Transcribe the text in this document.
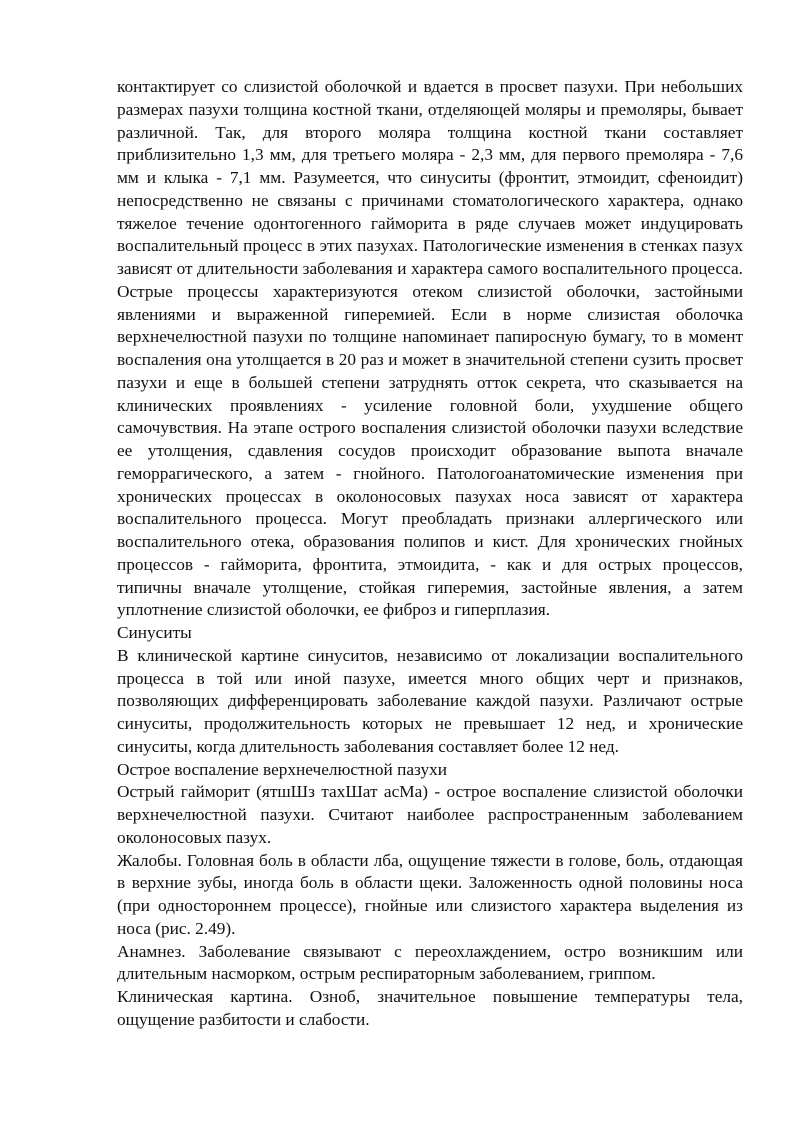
контактирует со слизистой оболочкой и вдается в просвет пазухи. При небольших размерах пазухи толщина костной ткани, отделяющей моляры и премоляры, бывает различной. Так, для второго моляра толщина костной ткани составляет приблизительно 1,3 мм, для третьего моляра - 2,3 мм, для первого премоляра - 7,6 мм и клыка - 7,1 мм. Разумеется, что синуситы (фронтит, этмоидит, сфеноидит) непосредственно не связаны с причинами стоматологического характера, однако тяжелое течение одонтогенного гайморита в ряде случаев может индуцировать воспалительный процесс в этих пазухах. Патологические изменения в стенках пазух зависят от длительности заболевания и характера самого воспалительного процесса. Острые процессы характеризуются отеком слизистой оболочки, застойными явлениями и выраженной гиперемией. Если в норме слизистая оболочка верхнечелюстной пазухи по толщине напоминает папиросную бумагу, то в момент воспаления она утолщается в 20 раз и может в значительной степени сузить просвет пазухи и еще в большей степени затруднять отток секрета, что сказывается на клинических проявлениях - усиление головной боли, ухудшение общего самочувствия. На этапе острого воспаления слизистой оболочки пазухи вследствие ее утолщения, сдавления сосудов происходит образование выпота вначале геморрагического, а затем - гнойного. Патологоанатомические изменения при хронических процессах в околоносовых пазухах носа зависят от характера воспалительного процесса. Могут преобладать признаки аллергического или воспалительного отека, образования полипов и кист. Для хронических гнойных процессов - гайморита, фронтита, этмоидита, - как и для острых процессов, типичны вначале утолщение, стойкая гиперемия, застойные явления, а затем уплотнение слизистой оболочки, ее фиброз и гиперплазия.

Синуситы

В клинической картине синуситов, независимо от локализации воспалительного процесса в той или иной пазухе, имеется много общих черт и признаков, позволяющих дифференцировать заболевание каждой пазухи. Различают острые синуситы, продолжительность которых не превышает 12 нед, и хронические синуситы, когда длительность заболевания составляет более 12 нед.

Острое воспаление верхнечелюстной пазухи

Острый гайморит (ятшШз тахШат асМа) - острое воспаление слизистой оболочки верхнечелюстной пазухи. Считают наиболее распространенным заболеванием околоносовых пазух.

Жалобы. Головная боль в области лба, ощущение тяжести в голове, боль, отдающая в верхние зубы, иногда боль в области щеки. Заложенность одной половины носа (при одностороннем процессе), гнойные или слизистого характера выделения из носа (рис. 2.49).

Анамнез. Заболевание связывают с переохлаждением, остро возникшим или длительным насморком, острым респираторным заболеванием, гриппом.

Клиническая картина. Озноб, значительное повышение температуры тела, ощущение разбитости и слабости.
